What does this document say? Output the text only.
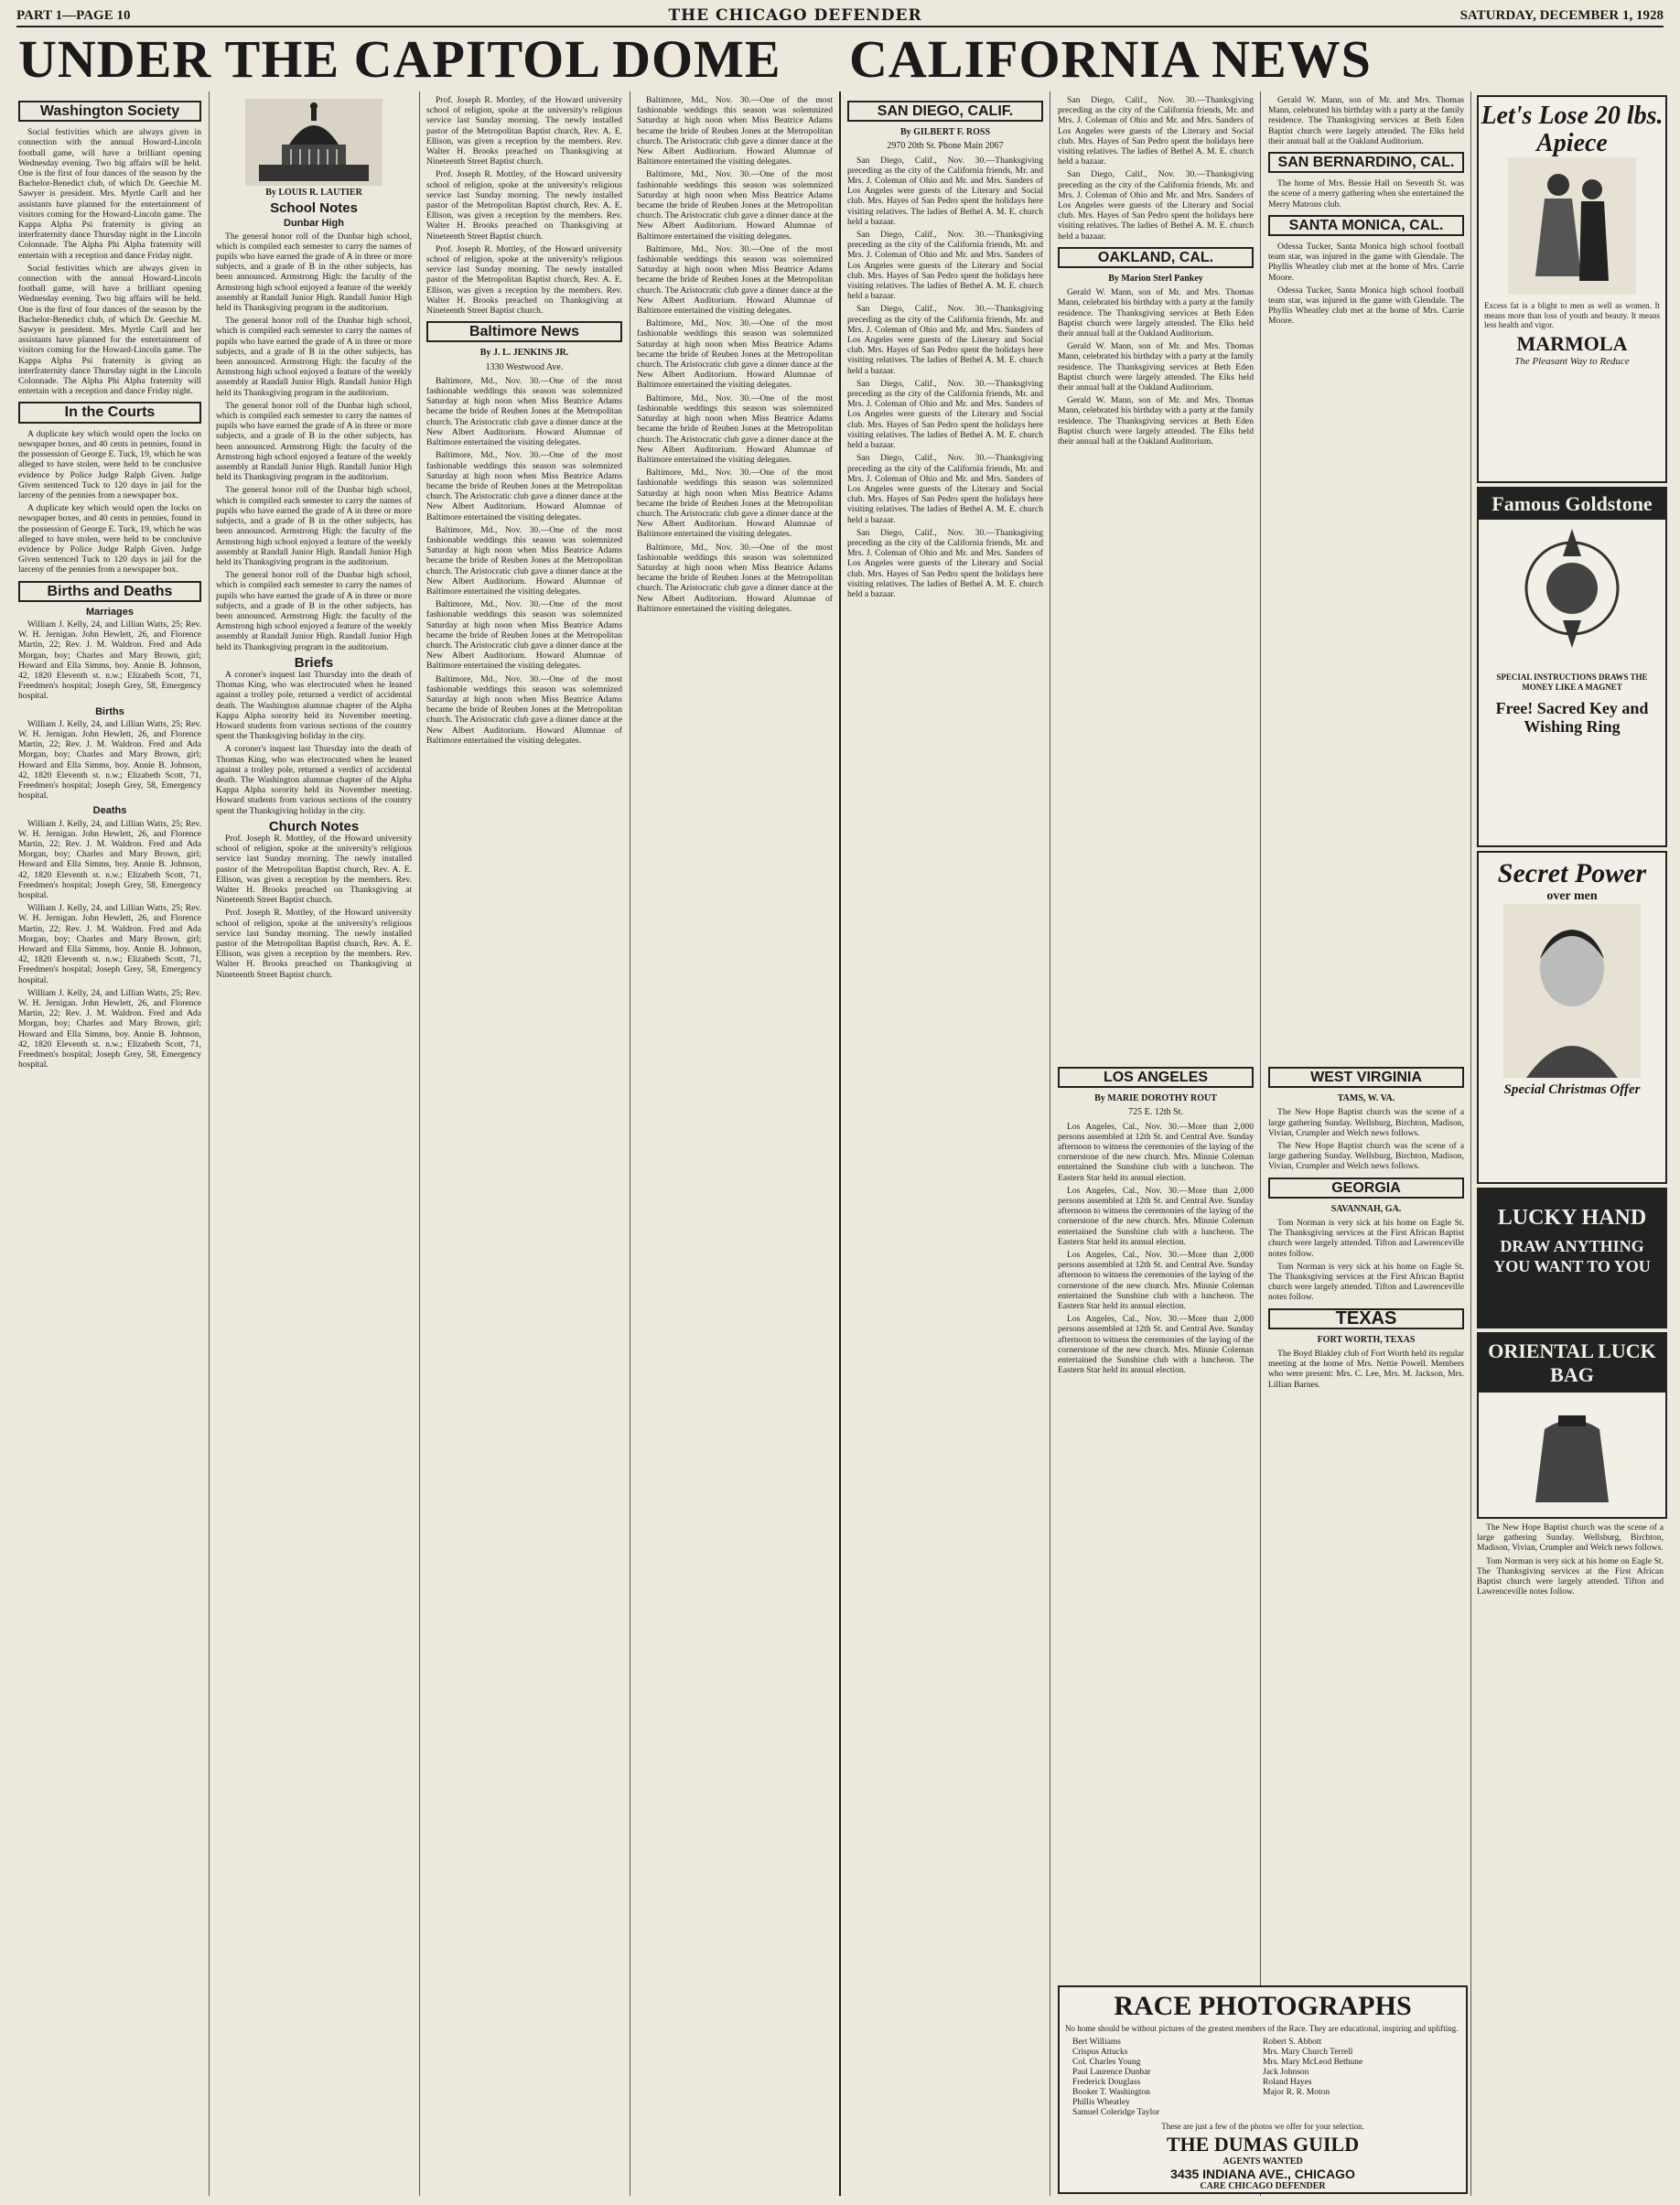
PART 1—PAGE 10	THE CHICAGO DEFENDER	SATURDAY, DECEMBER 1, 1928
UNDER THE CAPITOL DOME	CALIFORNIA NEWS
Washington Society

Social festivities which are always given in connection with the annual Howard-Lincoln football game, will have a brilliant opening Wednesday evening. Two big affairs will be held. One is the first of four dances of the season by the Bachelor-Benedict club, of which Dr. Geechie M. Sawyer is president. Mrs. Myrtle Carll and her assistants have planned for the entertainment of visitors coming for the Howard-Lincoln game. The Kappa Alpha Psi fraternity is giving an interfraternity dance Thursday night in the Lincoln Colonnade. The Alpha Phi Alpha fraternity will entertain with a reception and dance Friday night.

Social festivities which are always given in connection with the annual Howard-Lincoln football game, will have a brilliant opening Wednesday evening. Two big affairs will be held. One is the first of four dances of the season by the Bachelor-Benedict club, of which Dr. Geechie M. Sawyer is president. Mrs. Myrtle Carll and her assistants have planned for the entertainment of visitors coming for the Howard-Lincoln game. The Kappa Alpha Psi fraternity is giving an interfraternity dance Thursday night in the Lincoln Colonnade. The Alpha Phi Alpha fraternity will entertain with a reception and dance Friday night.

In the Courts

A duplicate key which would open the locks on newspaper boxes, and 40 cents in pennies, found in the possession of George E. Tuck, 19, which he was alleged to have stolen, were held to be conclusive evidence by Police Judge Ralph Given. Judge Given sentenced Tuck to 120 days in jail for the larceny of the pennies from a newspaper box.

A duplicate key which would open the locks on newspaper boxes, and 40 cents in pennies, found in the possession of George E. Tuck, 19, which he was alleged to have stolen, were held to be conclusive evidence by Police Judge Ralph Given. Judge Given sentenced Tuck to 120 days in jail for the larceny of the pennies from a newspaper box.

Births and Deaths
Marriages

William J. Kelly, 24, and Lillian Watts, 25; Rev. W. H. Jernigan. John Hewlett, 26, and Florence Martin, 22; Rev. J. M. Waldron. Fred and Ada Morgan, boy; Charles and Mary Brown, girl; Howard and Ella Simms, boy. Annie B. Johnson, 42, 1820 Eleventh st. n.w.; Elizabeth Scott, 71, Freedmen's hospital; Joseph Grey, 58, Emergency hospital.

Births

William J. Kelly, 24, and Lillian Watts, 25; Rev. W. H. Jernigan. John Hewlett, 26, and Florence Martin, 22; Rev. J. M. Waldron. Fred and Ada Morgan, boy; Charles and Mary Brown, girl; Howard and Ella Simms, boy. Annie B. Johnson, 42, 1820 Eleventh st. n.w.; Elizabeth Scott, 71, Freedmen's hospital; Joseph Grey, 58, Emergency hospital.

Deaths

William J. Kelly, 24, and Lillian Watts, 25; Rev. W. H. Jernigan. John Hewlett, 26, and Florence Martin, 22; Rev. J. M. Waldron. Fred and Ada Morgan, boy; Charles and Mary Brown, girl; Howard and Ella Simms, boy. Annie B. Johnson, 42, 1820 Eleventh st. n.w.; Elizabeth Scott, 71, Freedmen's hospital; Joseph Grey, 58, Emergency hospital.

William J. Kelly, 24, and Lillian Watts, 25; Rev. W. H. Jernigan. John Hewlett, 26, and Florence Martin, 22; Rev. J. M. Waldron. Fred and Ada Morgan, boy; Charles and Mary Brown, girl; Howard and Ella Simms, boy. Annie B. Johnson, 42, 1820 Eleventh st. n.w.; Elizabeth Scott, 71, Freedmen's hospital; Joseph Grey, 58, Emergency hospital.

William J. Kelly, 24, and Lillian Watts, 25; Rev. W. H. Jernigan. John Hewlett, 26, and Florence Martin, 22; Rev. J. M. Waldron. Fred and Ada Morgan, boy; Charles and Mary Brown, girl; Howard and Ella Simms, boy. Annie B. Johnson, 42, 1820 Eleventh st. n.w.; Elizabeth Scott, 71, Freedmen's hospital; Joseph Grey, 58, Emergency hospital.

By LOUIS R. LAUTIER
School Notes
Dunbar High

The general honor roll of the Dunbar high school, which is compiled each semester to carry the names of pupils who have earned the grade of A in three or more subjects, and a grade of B in the other subjects, has been announced. Armstrong High: the faculty of the Armstrong high school enjoyed a feature of the weekly assembly at Randall Junior High. Randall Junior High held its Thanksgiving program in the auditorium.

The general honor roll of the Dunbar high school, which is compiled each semester to carry the names of pupils who have earned the grade of A in three or more subjects, and a grade of B in the other subjects, has been announced. Armstrong High: the faculty of the Armstrong high school enjoyed a feature of the weekly assembly at Randall Junior High. Randall Junior High held its Thanksgiving program in the auditorium.

The general honor roll of the Dunbar high school, which is compiled each semester to carry the names of pupils who have earned the grade of A in three or more subjects, and a grade of B in the other subjects, has been announced. Armstrong High: the faculty of the Armstrong high school enjoyed a feature of the weekly assembly at Randall Junior High. Randall Junior High held its Thanksgiving program in the auditorium.

The general honor roll of the Dunbar high school, which is compiled each semester to carry the names of pupils who have earned the grade of A in three or more subjects, and a grade of B in the other subjects, has been announced. Armstrong High: the faculty of the Armstrong high school enjoyed a feature of the weekly assembly at Randall Junior High. Randall Junior High held its Thanksgiving program in the auditorium.

The general honor roll of the Dunbar high school, which is compiled each semester to carry the names of pupils who have earned the grade of A in three or more subjects, and a grade of B in the other subjects, has been announced. Armstrong High: the faculty of the Armstrong high school enjoyed a feature of the weekly assembly at Randall Junior High. Randall Junior High held its Thanksgiving program in the auditorium.

Briefs

A coroner's inquest last Thursday into the death of Thomas King, who was electrocuted when he leaned against a trolley pole, returned a verdict of accidental death. The Washington alumnae chapter of the Alpha Kappa Alpha sorority held its November meeting. Howard students from various sections of the country spent the Thanksgiving holiday in the city.

A coroner's inquest last Thursday into the death of Thomas King, who was electrocuted when he leaned against a trolley pole, returned a verdict of accidental death. The Washington alumnae chapter of the Alpha Kappa Alpha sorority held its November meeting. Howard students from various sections of the country spent the Thanksgiving holiday in the city.

Church Notes

Prof. Joseph R. Mottley, of the Howard university school of religion, spoke at the university's religious service last Sunday morning. The newly installed pastor of the Metropolitan Baptist church, Rev. A. E. Ellison, was given a reception by the members. Rev. Walter H. Brooks preached on Thanksgiving at Nineteenth Street Baptist church.

Prof. Joseph R. Mottley, of the Howard university school of religion, spoke at the university's religious service last Sunday morning. The newly installed pastor of the Metropolitan Baptist church, Rev. A. E. Ellison, was given a reception by the members. Rev. Walter H. Brooks preached on Thanksgiving at Nineteenth Street Baptist church.

Prof. Joseph R. Mottley, of the Howard university school of religion, spoke at the university's religious service last Sunday morning. The newly installed pastor of the Metropolitan Baptist church, Rev. A. E. Ellison, was given a reception by the members. Rev. Walter H. Brooks preached on Thanksgiving at Nineteenth Street Baptist church.

Prof. Joseph R. Mottley, of the Howard university school of religion, spoke at the university's religious service last Sunday morning. The newly installed pastor of the Metropolitan Baptist church, Rev. A. E. Ellison, was given a reception by the members. Rev. Walter H. Brooks preached on Thanksgiving at Nineteenth Street Baptist church.

Prof. Joseph R. Mottley, of the Howard university school of religion, spoke at the university's religious service last Sunday morning. The newly installed pastor of the Metropolitan Baptist church, Rev. A. E. Ellison, was given a reception by the members. Rev. Walter H. Brooks preached on Thanksgiving at Nineteenth Street Baptist church.

Baltimore News
By J. L. JENKINS JR.
1330 Westwood Ave.

Baltimore, Md., Nov. 30.—One of the most fashionable weddings this season was solemnized Saturday at high noon when Miss Beatrice Adams became the bride of Reuben Jones at the Metropolitan church. The Aristocratic club gave a dinner dance at the New Albert Auditorium. Howard Alumnae of Baltimore entertained the visiting delegates.

Baltimore, Md., Nov. 30.—One of the most fashionable weddings this season was solemnized Saturday at high noon when Miss Beatrice Adams became the bride of Reuben Jones at the Metropolitan church. The Aristocratic club gave a dinner dance at the New Albert Auditorium. Howard Alumnae of Baltimore entertained the visiting delegates.

Baltimore, Md., Nov. 30.—One of the most fashionable weddings this season was solemnized Saturday at high noon when Miss Beatrice Adams became the bride of Reuben Jones at the Metropolitan church. The Aristocratic club gave a dinner dance at the New Albert Auditorium. Howard Alumnae of Baltimore entertained the visiting delegates.

Baltimore, Md., Nov. 30.—One of the most fashionable weddings this season was solemnized Saturday at high noon when Miss Beatrice Adams became the bride of Reuben Jones at the Metropolitan church. The Aristocratic club gave a dinner dance at the New Albert Auditorium. Howard Alumnae of Baltimore entertained the visiting delegates.

Baltimore, Md., Nov. 30.—One of the most fashionable weddings this season was solemnized Saturday at high noon when Miss Beatrice Adams became the bride of Reuben Jones at the Metropolitan church. The Aristocratic club gave a dinner dance at the New Albert Auditorium. Howard Alumnae of Baltimore entertained the visiting delegates.

Baltimore, Md., Nov. 30.—One of the most fashionable weddings this season was solemnized Saturday at high noon when Miss Beatrice Adams became the bride of Reuben Jones at the Metropolitan church. The Aristocratic club gave a dinner dance at the New Albert Auditorium. Howard Alumnae of Baltimore entertained the visiting delegates.

Baltimore, Md., Nov. 30.—One of the most fashionable weddings this season was solemnized Saturday at high noon when Miss Beatrice Adams became the bride of Reuben Jones at the Metropolitan church. The Aristocratic club gave a dinner dance at the New Albert Auditorium. Howard Alumnae of Baltimore entertained the visiting delegates.

Baltimore, Md., Nov. 30.—One of the most fashionable weddings this season was solemnized Saturday at high noon when Miss Beatrice Adams became the bride of Reuben Jones at the Metropolitan church. The Aristocratic club gave a dinner dance at the New Albert Auditorium. Howard Alumnae of Baltimore entertained the visiting delegates.

Baltimore, Md., Nov. 30.—One of the most fashionable weddings this season was solemnized Saturday at high noon when Miss Beatrice Adams became the bride of Reuben Jones at the Metropolitan church. The Aristocratic club gave a dinner dance at the New Albert Auditorium. Howard Alumnae of Baltimore entertained the visiting delegates.

Baltimore, Md., Nov. 30.—One of the most fashionable weddings this season was solemnized Saturday at high noon when Miss Beatrice Adams became the bride of Reuben Jones at the Metropolitan church. The Aristocratic club gave a dinner dance at the New Albert Auditorium. Howard Alumnae of Baltimore entertained the visiting delegates.

Baltimore, Md., Nov. 30.—One of the most fashionable weddings this season was solemnized Saturday at high noon when Miss Beatrice Adams became the bride of Reuben Jones at the Metropolitan church. The Aristocratic club gave a dinner dance at the New Albert Auditorium. Howard Alumnae of Baltimore entertained the visiting delegates.

Baltimore, Md., Nov. 30.—One of the most fashionable weddings this season was solemnized Saturday at high noon when Miss Beatrice Adams became the bride of Reuben Jones at the Metropolitan church. The Aristocratic club gave a dinner dance at the New Albert Auditorium. Howard Alumnae of Baltimore entertained the visiting delegates.

SAN DIEGO, CALIF.
By GILBERT F. ROSS
2970 20th St. Phone Main 2067

San Diego, Calif., Nov. 30.—Thanksgiving preceding as the city of the California friends, Mr. and Mrs. J. Coleman of Ohio and Mr. and Mrs. Sanders of Los Angeles were guests of the Literary and Social club. Mrs. Hayes of San Pedro spent the holidays here visiting relatives. The ladies of Bethel A. M. E. church held a bazaar.

San Diego, Calif., Nov. 30.—Thanksgiving preceding as the city of the California friends, Mr. and Mrs. J. Coleman of Ohio and Mr. and Mrs. Sanders of Los Angeles were guests of the Literary and Social club. Mrs. Hayes of San Pedro spent the holidays here visiting relatives. The ladies of Bethel A. M. E. church held a bazaar.

San Diego, Calif., Nov. 30.—Thanksgiving preceding as the city of the California friends, Mr. and Mrs. J. Coleman of Ohio and Mr. and Mrs. Sanders of Los Angeles were guests of the Literary and Social club. Mrs. Hayes of San Pedro spent the holidays here visiting relatives. The ladies of Bethel A. M. E. church held a bazaar.

San Diego, Calif., Nov. 30.—Thanksgiving preceding as the city of the California friends, Mr. and Mrs. J. Coleman of Ohio and Mr. and Mrs. Sanders of Los Angeles were guests of the Literary and Social club. Mrs. Hayes of San Pedro spent the holidays here visiting relatives. The ladies of Bethel A. M. E. church held a bazaar.

San Diego, Calif., Nov. 30.—Thanksgiving preceding as the city of the California friends, Mr. and Mrs. J. Coleman of Ohio and Mr. and Mrs. Sanders of Los Angeles were guests of the Literary and Social club. Mrs. Hayes of San Pedro spent the holidays here visiting relatives. The ladies of Bethel A. M. E. church held a bazaar.

San Diego, Calif., Nov. 30.—Thanksgiving preceding as the city of the California friends, Mr. and Mrs. J. Coleman of Ohio and Mr. and Mrs. Sanders of Los Angeles were guests of the Literary and Social club. Mrs. Hayes of San Pedro spent the holidays here visiting relatives. The ladies of Bethel A. M. E. church held a bazaar.

San Diego, Calif., Nov. 30.—Thanksgiving preceding as the city of the California friends, Mr. and Mrs. J. Coleman of Ohio and Mr. and Mrs. Sanders of Los Angeles were guests of the Literary and Social club. Mrs. Hayes of San Pedro spent the holidays here visiting relatives. The ladies of Bethel A. M. E. church held a bazaar.

San Diego, Calif., Nov. 30.—Thanksgiving preceding as the city of the California friends, Mr. and Mrs. J. Coleman of Ohio and Mr. and Mrs. Sanders of Los Angeles were guests of the Literary and Social club. Mrs. Hayes of San Pedro spent the holidays here visiting relatives. The ladies of Bethel A. M. E. church held a bazaar.

OAKLAND, CAL.
By Marion Sterl Pankey

Gerald W. Mann, son of Mr. and Mrs. Thomas Mann, celebrated his birthday with a party at the family residence. The Thanksgiving services at Beth Eden Baptist church were largely attended. The Elks held their annual ball at the Oakland Auditorium.

Gerald W. Mann, son of Mr. and Mrs. Thomas Mann, celebrated his birthday with a party at the family residence. The Thanksgiving services at Beth Eden Baptist church were largely attended. The Elks held their annual ball at the Oakland Auditorium.

Gerald W. Mann, son of Mr. and Mrs. Thomas Mann, celebrated his birthday with a party at the family residence. The Thanksgiving services at Beth Eden Baptist church were largely attended. The Elks held their annual ball at the Oakland Auditorium.

Gerald W. Mann, son of Mr. and Mrs. Thomas Mann, celebrated his birthday with a party at the family residence. The Thanksgiving services at Beth Eden Baptist church were largely attended. The Elks held their annual ball at the Oakland Auditorium.

SAN BERNARDINO, CAL.

The home of Mrs. Bessie Hall on Seventh St. was the scene of a merry gathering when she entertained the Merry Matrons club.

SANTA MONICA, CAL.

Odessa Tucker, Santa Monica high school football team star, was injured in the game with Glendale. The Phyllis Wheatley club met at the home of Mrs. Carrie Moore.

Odessa Tucker, Santa Monica high school football team star, was injured in the game with Glendale. The Phyllis Wheatley club met at the home of Mrs. Carrie Moore.

LOS ANGELES
By MARIE DOROTHY ROUT
725 E. 12th St.

Los Angeles, Cal., Nov. 30.—More than 2,000 persons assembled at 12th St. and Central Ave. Sunday afternoon to witness the ceremonies of the laying of the cornerstone of the new church. Mrs. Minnie Coleman entertained the Sunshine club with a luncheon. The Eastern Star held its annual election.

Los Angeles, Cal., Nov. 30.—More than 2,000 persons assembled at 12th St. and Central Ave. Sunday afternoon to witness the ceremonies of the laying of the cornerstone of the new church. Mrs. Minnie Coleman entertained the Sunshine club with a luncheon. The Eastern Star held its annual election.

Los Angeles, Cal., Nov. 30.—More than 2,000 persons assembled at 12th St. and Central Ave. Sunday afternoon to witness the ceremonies of the laying of the cornerstone of the new church. Mrs. Minnie Coleman entertained the Sunshine club with a luncheon. The Eastern Star held its annual election.

Los Angeles, Cal., Nov. 30.—More than 2,000 persons assembled at 12th St. and Central Ave. Sunday afternoon to witness the ceremonies of the laying of the cornerstone of the new church. Mrs. Minnie Coleman entertained the Sunshine club with a luncheon. The Eastern Star held its annual election.

WEST VIRGINIA
TAMS, W. VA.

The New Hope Baptist church was the scene of a large gathering Sunday. Wellsburg, Birchton, Madison, Vivian, Crumpler and Welch news follows.

The New Hope Baptist church was the scene of a large gathering Sunday. Wellsburg, Birchton, Madison, Vivian, Crumpler and Welch news follows.

GEORGIA
SAVANNAH, GA.

Tom Norman is very sick at his home on Eagle St. The Thanksgiving services at the First African Baptist church were largely attended. Tifton and Lawrenceville notes follow.

Tom Norman is very sick at his home on Eagle St. The Thanksgiving services at the First African Baptist church were largely attended. Tifton and Lawrenceville notes follow.

TEXAS
FORT WORTH, TEXAS

The Boyd Blakley club of Fort Worth held its regular meeting at the home of Mrs. Nettie Powell. Members who were present: Mrs. C. Lee, Mrs. M. Jackson, Mrs. Lillian Barnes.

RACE PHOTOGRAPHS
No home should be without pictures of the greatest members of the Race. They are educational, inspiring and uplifting.
Bert Williams	Robert S. Abbott
Crispus Attucks	Mrs. Mary Church Terrell
Col. Charles Young	Mrs. Mary McLeod Bethune
Paul Laurence Dunbar	Jack Johnson
Frederick Douglass	Roland Hayes
Booker T. Washington	Major R. R. Moton
Phillis Wheatley
Samuel Coleridge Taylor
These are just a few of the photos we offer for your selection.
THE DUMAS GUILD
AGENTS WANTED
3435 INDIANA AVE., CHICAGO
CARE CHICAGO DEFENDER
Let's Lose 20 lbs. Apiece
Excess fat is a blight to men as well as women. It means more than loss of youth and beauty. It means less health and vigor.
MARMOLA
The Pleasant Way to Reduce
Famous Goldstone
SPECIAL INSTRUCTIONS DRAWS THE MONEY LIKE A MAGNET
Free! Sacred Key and Wishing Ring
Secret Power
over men
Special Christmas Offer
LUCKY HAND
DRAW ANYTHING YOU WANT TO YOU
ORIENTAL LUCK BAG

The New Hope Baptist church was the scene of a large gathering Sunday. Wellsburg, Birchton, Madison, Vivian, Crumpler and Welch news follows.

Tom Norman is very sick at his home on Eagle St. The Thanksgiving services at the First African Baptist church were largely attended. Tifton and Lawrenceville notes follow.
